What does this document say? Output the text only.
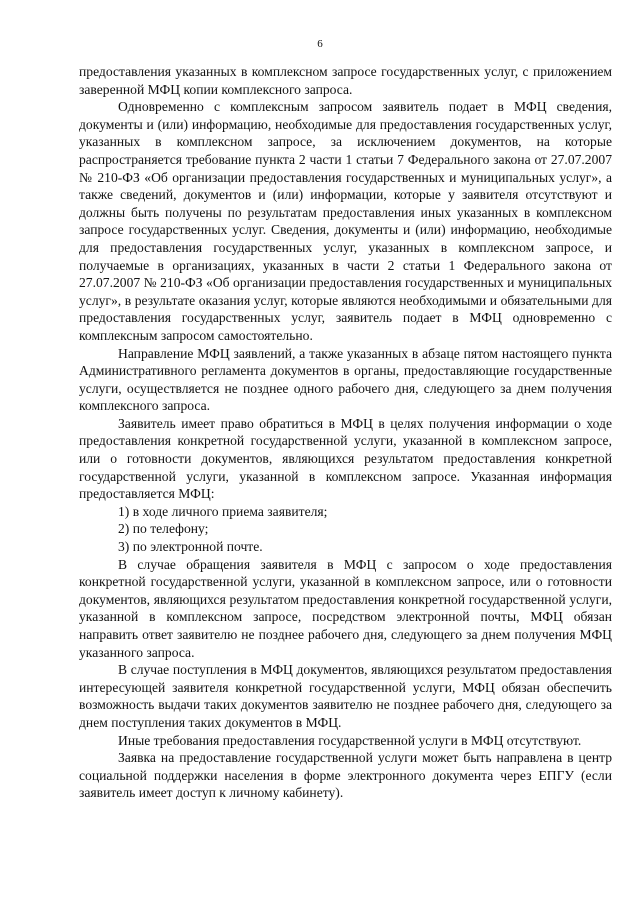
6

предоставления указанных в комплексном запросе государственных услуг, с приложением заверенной МФЦ копии комплексного запроса.

Одновременно с комплексным запросом заявитель подает в МФЦ сведения, документы и (или) информацию, необходимые для предоставления государственных услуг, указанных в комплексном запросе, за исключением документов, на которые распространяется требование пункта 2 части 1 статьи 7 Федерального закона от 27.07.2007 № 210-ФЗ «Об организации предоставления государственных и муниципальных услуг», а также сведений, документов и (или) информации, которые у заявителя отсутствуют и должны быть получены по результатам предоставления иных указанных в комплексном запросе государственных услуг. Сведения, документы и (или) информацию, необходимые для предоставления государственных услуг, указанных в комплексном запросе, и получаемые в организациях, указанных в части 2 статьи 1 Федерального закона от 27.07.2007 № 210-ФЗ «Об организации предоставления государственных и муниципальных услуг», в результате оказания услуг, которые являются необходимыми и обязательными для предоставления государственных услуг, заявитель подает в МФЦ одновременно с комплексным запросом самостоятельно.

Направление МФЦ заявлений, а также указанных в абзаце пятом настоящего пункта Административного регламента документов в органы, предоставляющие государственные услуги, осуществляется не позднее одного рабочего дня, следующего за днем получения комплексного запроса.

Заявитель имеет право обратиться в МФЦ в целях получения информации о ходе предоставления конкретной государственной услуги, указанной в комплексном запросе, или о готовности документов, являющихся результатом предоставления конкретной государственной услуги, указанной в комплексном запросе. Указанная информация предоставляется МФЦ:

1) в ходе личного приема заявителя;

2) по телефону;

3) по электронной почте.

В случае обращения заявителя в МФЦ с запросом о ходе предоставления конкретной государственной услуги, указанной в комплексном запросе, или о готовности документов, являющихся результатом предоставления конкретной государственной услуги, указанной в комплексном запросе, посредством электронной почты, МФЦ обязан направить ответ заявителю не позднее рабочего дня, следующего за днем получения МФЦ указанного запроса.

В случае поступления в МФЦ документов, являющихся результатом предоставления интересующей заявителя конкретной государственной услуги, МФЦ обязан обеспечить возможность выдачи таких документов заявителю не позднее рабочего дня, следующего за днем поступления таких документов в МФЦ.

Иные требования предоставления государственной услуги в МФЦ отсутствуют.

Заявка на предоставление государственной услуги может быть направлена в центр социальной поддержки населения в форме электронного документа через ЕПГУ (если заявитель имеет доступ к личному кабинету).
